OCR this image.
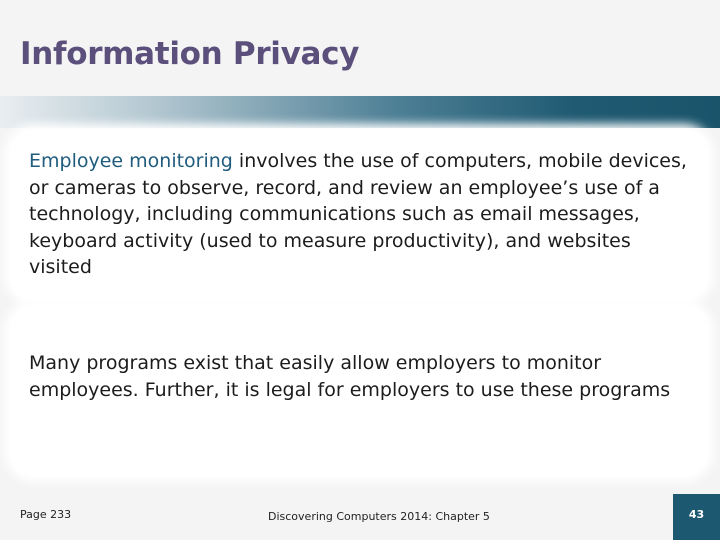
Information Privacy
Employee monitoring involves the use of computers, mobile devices, or cameras to observe, record, and review an employee’s use of a technology, including communications such as email messages, keyboard activity (used to measure productivity), and websites visited
Many programs exist that easily allow employers to monitor employees. Further, it is legal for employers to use these programs
Page 233	Discovering Computers 2014: Chapter 5	43
